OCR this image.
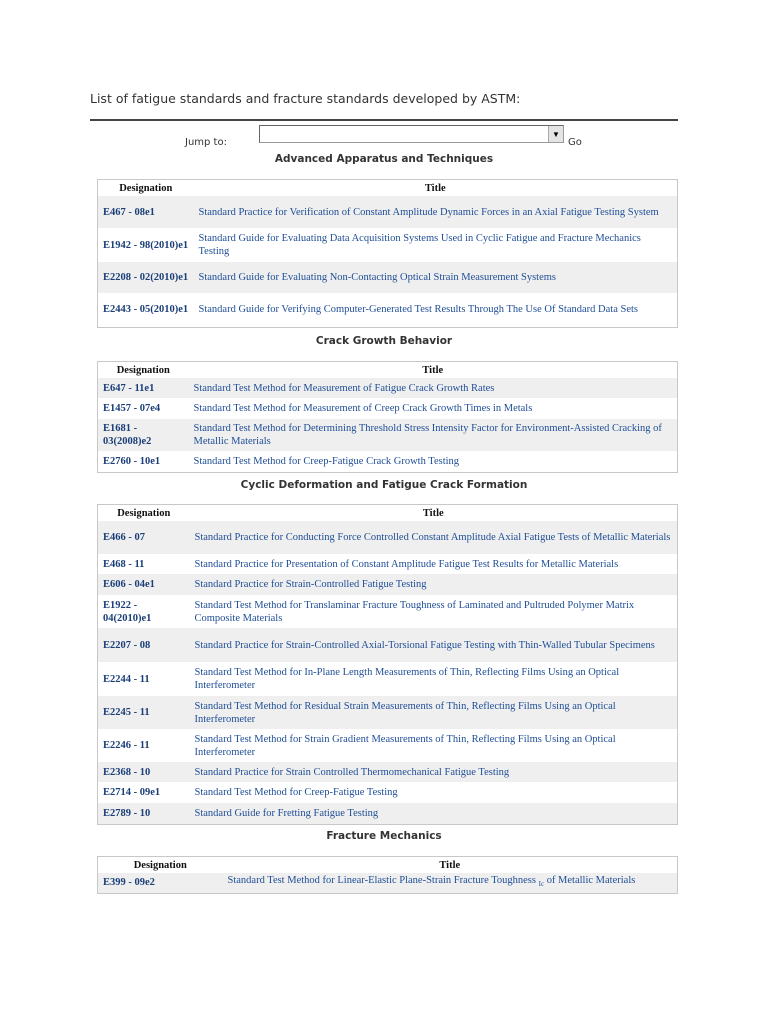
List of fatigue standards and fracture standards developed by ASTM:
Jump to:
▼
Go
Advanced Apparatus and Techniques
Designation	Title
E467 - 08e1	Standard Practice for Verification of Constant Amplitude Dynamic Forces in an Axial Fatigue Testing System
E1942 - 98(2010)e1	Standard Guide for Evaluating Data Acquisition Systems Used in Cyclic Fatigue and Fracture Mechanics Testing
E2208 - 02(2010)e1	Standard Guide for Evaluating Non-Contacting Optical Strain Measurement Systems
E2443 - 05(2010)e1	Standard Guide for Verifying Computer-Generated Test Results Through The Use Of Standard Data Sets
Crack Growth Behavior
Designation	Title
E647 - 11e1	Standard Test Method for Measurement of Fatigue Crack Growth Rates
E1457 - 07e4	Standard Test Method for Measurement of Creep Crack Growth Times in Metals
E1681 - 03(2008)e2	Standard Test Method for Determining Threshold Stress Intensity Factor for Environment-Assisted Cracking of Metallic Materials
E2760 - 10e1	Standard Test Method for Creep-Fatigue Crack Growth Testing
Cyclic Deformation and Fatigue Crack Formation
Designation	Title
E466 - 07	Standard Practice for Conducting Force Controlled Constant Amplitude Axial Fatigue Tests of Metallic Materials
E468 - 11	Standard Practice for Presentation of Constant Amplitude Fatigue Test Results for Metallic Materials
E606 - 04e1	Standard Practice for Strain-Controlled Fatigue Testing
E1922 - 04(2010)e1	Standard Test Method for Translaminar Fracture Toughness of Laminated and Pultruded Polymer Matrix Composite Materials
E2207 - 08	Standard Practice for Strain-Controlled Axial-Torsional Fatigue Testing with Thin-Walled Tubular Specimens
E2244 - 11	Standard Test Method for In-Plane Length Measurements of Thin, Reflecting Films Using an Optical Interferometer
E2245 - 11	Standard Test Method for Residual Strain Measurements of Thin, Reflecting Films Using an Optical Interferometer
E2246 - 11	Standard Test Method for Strain Gradient Measurements of Thin, Reflecting Films Using an Optical Interferometer
E2368 - 10	Standard Practice for Strain Controlled Thermomechanical Fatigue Testing
E2714 - 09e1	Standard Test Method for Creep-Fatigue Testing
E2789 - 10	Standard Guide for Fretting Fatigue Testing
Fracture Mechanics
Designation	Title
E399 - 09e2	Standard Test Method for Linear-Elastic Plane-Strain Fracture Toughness $_{Ic}$ of Metallic Materials
